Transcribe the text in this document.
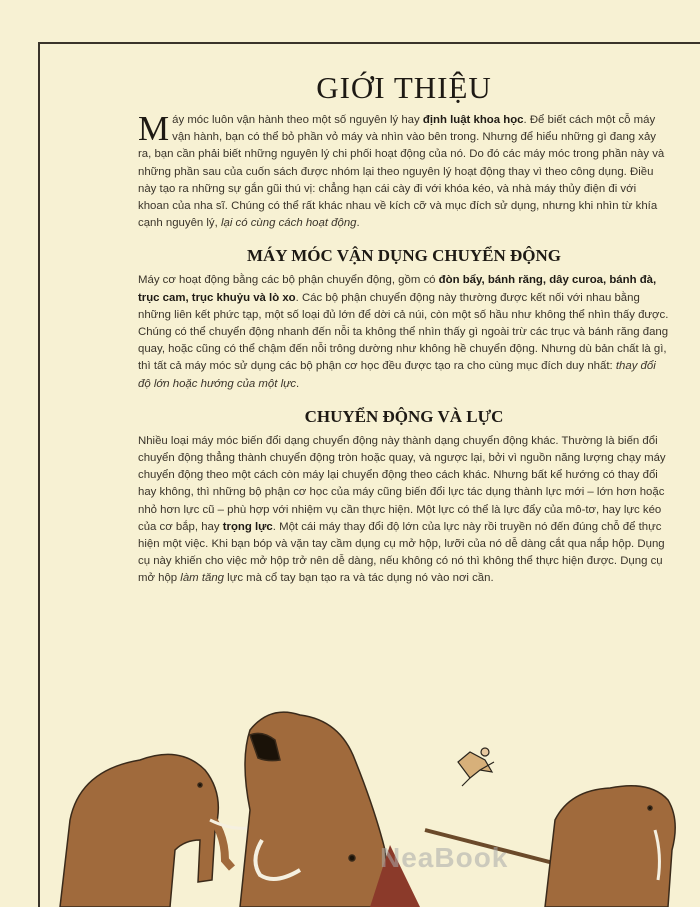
GIỚI THIỆU

Máy móc luôn vận hành theo một số nguyên lý hay định luật khoa học. Để biết cách một cỗ máy vận hành, bạn có thể bỏ phần vỏ máy và nhìn vào bên trong. Nhưng để hiểu những gì đang xảy ra, bạn cần phải biết những nguyên lý chi phối hoạt động của nó. Do đó các máy móc trong phần này và những phần sau của cuốn sách được nhóm lại theo nguyên lý hoạt động thay vì theo công dụng. Điều này tạo ra những sự gắn gũi thú vị: chẳng hạn cái cày đi với khóa kéo, và nhà máy thủy điện đi với khoan của nha sĩ. Chúng có thể rất khác nhau về kích cỡ và mục đích sử dụng, nhưng khi nhìn từ khía cạnh nguyên lý, lại có cùng cách hoạt động.

MÁY MÓC VẬN DỤNG CHUYỂN ĐỘNG

Máy cơ hoạt động bằng các bộ phận chuyển động, gồm có đòn bẩy, bánh răng, dây curoa, bánh đà, trục cam, trục khuỷu và lò xo. Các bộ phận chuyển động này thường được kết nối với nhau bằng những liên kết phức tạp, một số loại đủ lớn để dời cả núi, còn một số hầu như không thể nhìn thấy được. Chúng có thể chuyển động nhanh đến nỗi ta không thể nhìn thấy gì ngoài trừ các trục và bánh răng đang quay, hoặc cũng có thể chậm đến nỗi trông dường như không hề chuyển động. Nhưng dù bản chất là gì, thì tất cả máy móc sử dụng các bộ phận cơ học đều được tạo ra cho cùng mục đích duy nhất: thay đổi độ lớn hoặc hướng của một lực.

CHUYỂN ĐỘNG VÀ LỰC

Nhiều loại máy móc biến đổi dạng chuyển động này thành dạng chuyển động khác. Thường là biến đổi chuyển động thẳng thành chuyển động tròn hoặc quay, và ngược lại, bởi vì nguồn năng lượng chạy máy chuyển động theo một cách còn máy lại chuyển động theo cách khác. Nhưng bất kể hướng có thay đổi hay không, thì những bộ phận cơ học của máy cũng biến đổi lực tác dụng thành lực mới – lớn hơn hoặc nhỏ hơn lực cũ – phù hợp với nhiệm vụ cần thực hiện. Một lực có thể là lực đẩy của mô-tơ, hay lực kéo của cơ bắp, hay trọng lực. Một cái máy thay đổi độ lớn của lực này rồi truyền nó đến đúng chỗ để thực hiện một việc. Khi bạn bóp và vặn tay cầm dụng cụ mở hộp, lưỡi của nó dễ dàng cắt qua nắp hộp. Dụng cụ này khiến cho việc mở hộp trở nên dễ dàng, nếu không có nó thì không thể thực hiện được. Dụng cụ mở hộp làm tăng lực mà cổ tay bạn tạo ra và tác dụng nó vào nơi cần.

NeaBook
